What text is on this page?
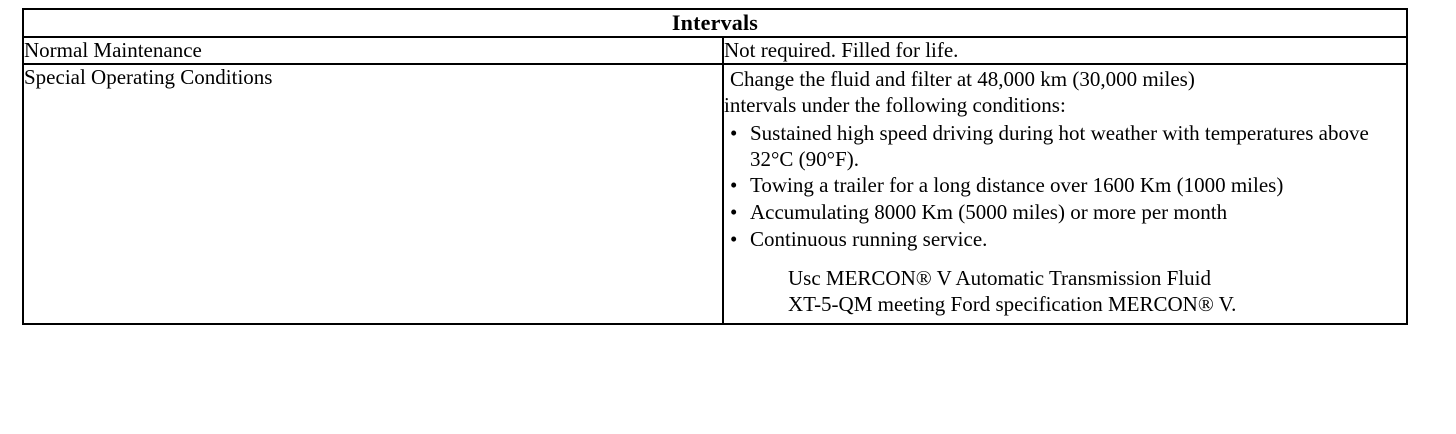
Intervals	
Normal Maintenance	Not required. Filled for life.
Special Operating Conditions	Change the fluid and filter at 48,000 km (30,000 miles)
intervals under the following conditions:
• Sustained high speed driving during hot weather with temperatures above 32°C (90°F).
• Towing a trailer for a long distance over 1600 Km (1000 miles)
• Accumulating 8000 Km (5000 miles) or more per month
• Continuous running service.
Usc MERCON® V Automatic Transmission Fluid
XT-5-QM meeting Ford specification MERCON® V.
